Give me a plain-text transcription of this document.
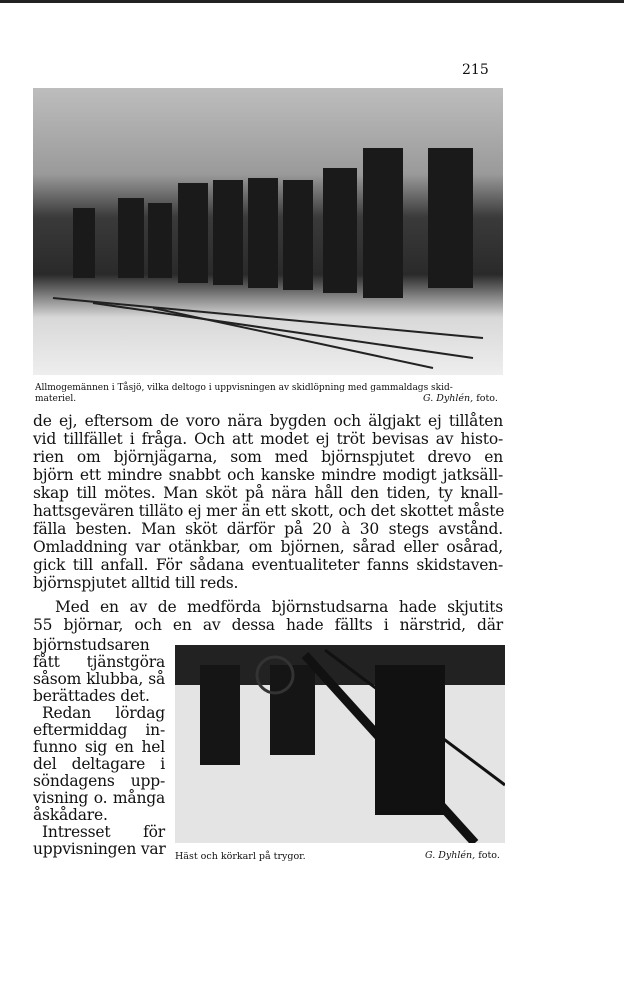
215
Allmogemännen i Tåsjö, vilka deltogo i uppvisningen av skidlöpning med gammaldags skid-
materiel.	G. Dyhlén, foto.
de ej, eftersom de voro nära bygden och älgjakt ej tillåten
vid tillfället i fråga. Och att modet ej tröt bevisas av histo-
rien om björnjägarna, som med björnspjutet drevo en
björn ett mindre snabbt och kanske mindre modigt jatksäll-
skap till mötes. Man sköt på nära håll den tiden, ty knall-
hattsgevären tilläto ej mer än ett skott, och det skottet måste
fälla besten. Man sköt därför på 20 à 30 stegs avstånd.
Omladdning var otänkbar, om björnen, sårad eller osårad,
gick till anfall. För sådana eventualiteter fanns skidstaven-
björnspjutet alltid till reds.
Med en av de medförda björnstudsarna hade skjutits
55 björnar, och en av dessa hade fällts i närstrid, där
björnstudsaren
fått tjänstgöra
såsom klubba, så
berättades det.
Redan lördag
eftermiddag in-
funno sig en hel
del deltagare i
söndagens upp-
visning o. många
åskådare.
Intresset för
uppvisningen var Häst och körkarl på trygor.	G. Dyhlén, foto.
